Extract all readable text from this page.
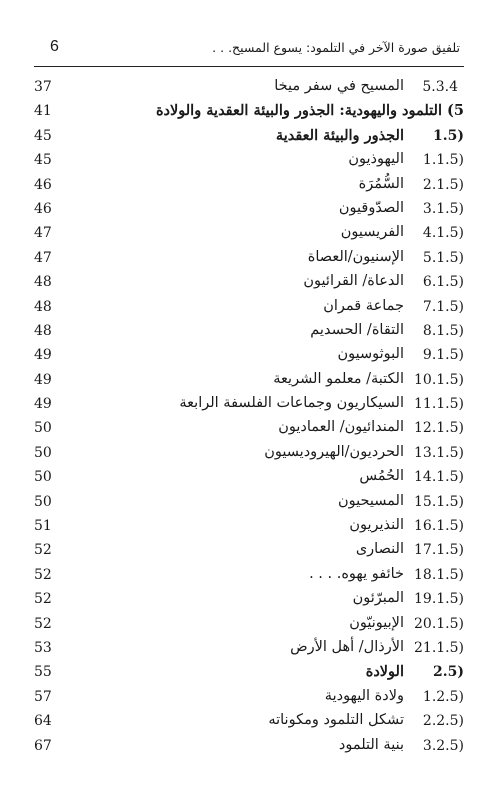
6	تلفيق صورة الآخر في التلمود: يسوع المسيح. . .
5.3.4
المسيح في سفر ميخا
37
5) التلمود واليهودية: الجذور والبيئة العقدية والولادة
41
1.5)
الجذور والبيئة العقدية
45
1.1.5)
اليهوذيون
45
2.1.5)
السُّمُرَة
46
3.1.5)
الصدّوقيون
46
4.1.5)
الفريسيون
47
5.1.5)
الإسنيون/العصاة
47
6.1.5)
الدعاة/ القرائيون
48
7.1.5)
جماعة قمران
48
8.1.5)
التقاة/ الحسديم
48
9.1.5)
البوثوسيون
49
10.1.5)
الكتبة/ معلمو الشريعة
49
11.1.5)
السيكاريون وجماعات الفلسفة الرابعة
49
12.1.5)
المندائيون/ العماديون
50
13.1.5)
الحرديون/الهيروديسيون
50
14.1.5)
الحُمُس
50
15.1.5)
المسيحيون
50
16.1.5)
النذيريون
51
17.1.5)
النصارى
52
18.1.5)
خائفو يهوه. . . .
52
19.1.5)
المبرّئون
52
20.1.5)
الإبيونيّون
52
21.1.5)
الأرذال/ أهل الأرض
53
2.5)
الولادة
55
1.2.5)
ولادة اليهودية
57
2.2.5)
تشكل التلمود ومكوناته
64
3.2.5)
بنية التلمود
67
